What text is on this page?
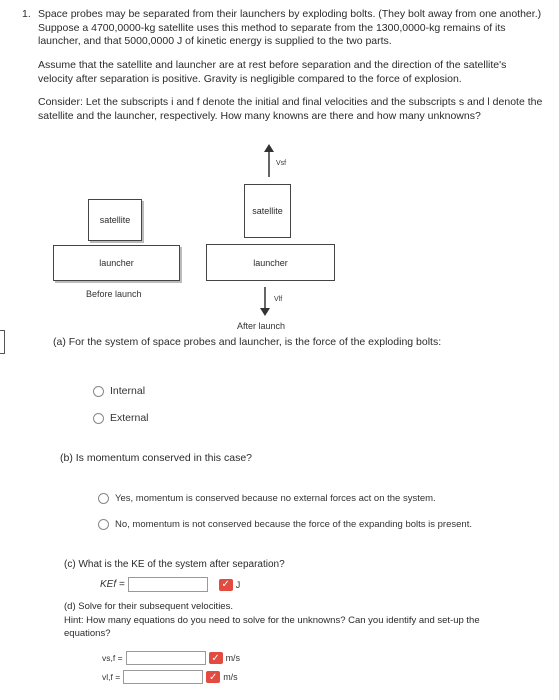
1. Space probes may be separated from their launchers by exploding bolts. (They bolt away from one another.) Suppose a 4700,0000-kg satellite uses this method to separate from the 1300,0000-kg remains of its launcher, and that 5000,0000 J of kinetic energy is supplied to the two parts.
Assume that the satellite and launcher are at rest before separation and the direction of the satellite's velocity after separation is positive. Gravity is negligible compared to the force of explosion.
Consider: Let the subscripts i and f denote the initial and final velocities and the subscripts s and l denote the satellite and the launcher, respectively. How many knowns are there and how many unknowns?
satellite
launcher
Before launch
Vsf
satellite
launcher
Vlf
After launch
(a) For the system of space probes and launcher, is the force of the exploding bolts:
Internal
External
(b) Is momentum conserved in this case?
Yes, momentum is conserved because no external forces act on the system.
No, momentum is not conserved because the force of the expanding bolts is present.
(c) What is the KE of the system after separation?
KEf =	✓ J
(d) Solve for their subsequent velocities.
Hint: How many equations do you need to solve for the unknowns? Can you identify and set-up the equations?
vs,f =	✓ m/s
vl,f =	✓ m/s
